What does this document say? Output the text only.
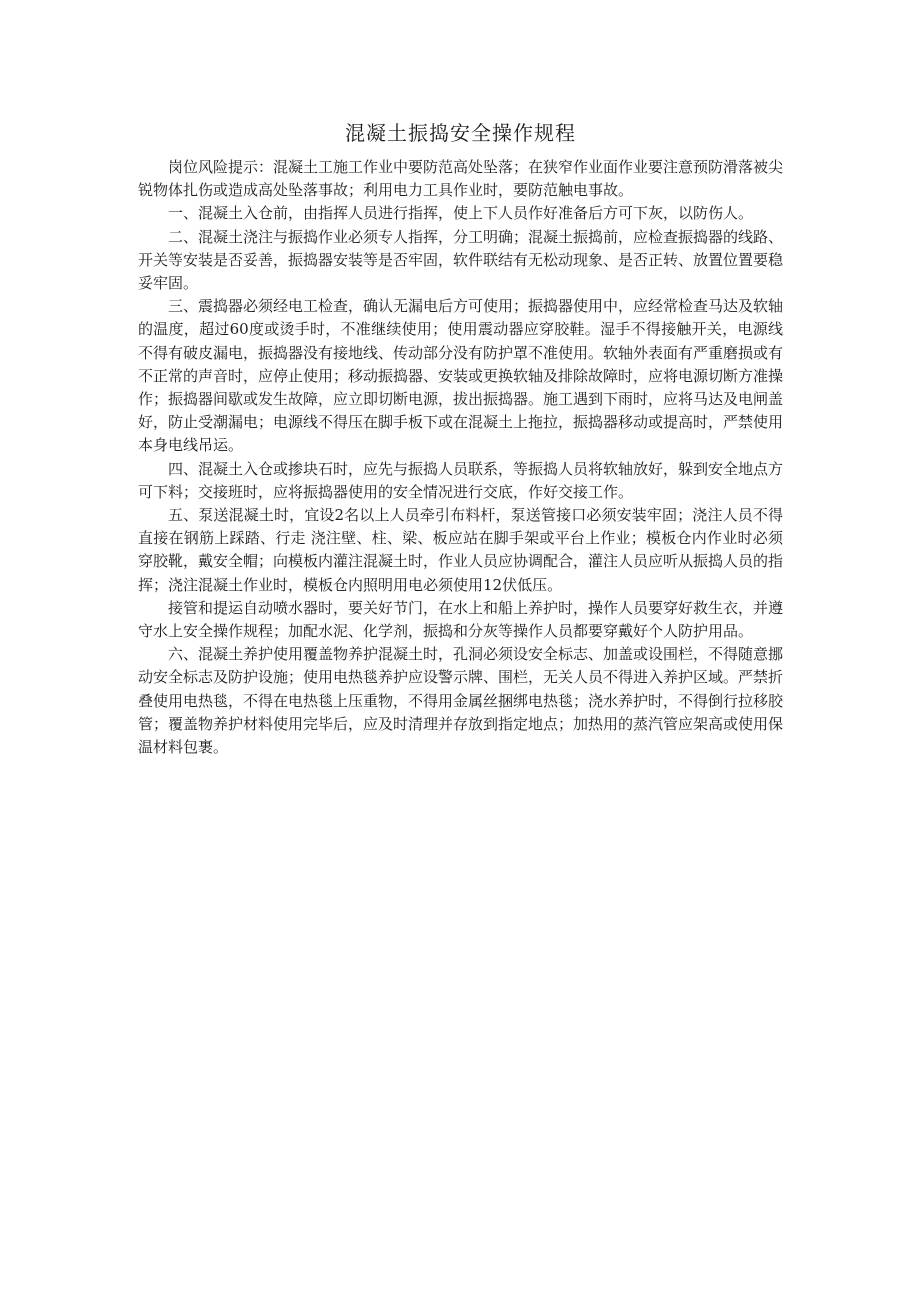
混凝土振捣安全操作规程

岗位风险提示：混凝土工施工作业中要防范高处坠落；在狭窄作业面作业要注意预防滑落被尖锐物体扎伤或造成高处坠落事故；利用电力工具作业时，要防范触电事故。

一、混凝土入仓前，由指挥人员进行指挥，使上下人员作好准备后方可下灰，以防伤人。

二、混凝土浇注与振捣作业必须专人指挥，分工明确；混凝土振捣前，应检查振捣器的线路、开关等安装是否妥善，振捣器安装等是否牢固，软件联结有无松动现象、是否正转、放置位置要稳妥牢固。

三、震捣器必须经电工检查，确认无漏电后方可使用；振捣器使用中，应经常检查马达及软轴的温度，超过60度或烫手时，不准继续使用；使用震动器应穿胶鞋。湿手不得接触开关，电源线不得有破皮漏电，振捣器没有接地线、传动部分没有防护罩不准使用。软轴外表面有严重磨损或有不正常的声音时，应停止使用；移动振捣器、安装或更换软轴及排除故障时，应将电源切断方准操作；振捣器间歇或发生故障，应立即切断电源，拔出振捣器。施工遇到下雨时，应将马达及电闸盖好，防止受潮漏电；电源线不得压在脚手板下或在混凝土上拖拉，振捣器移动或提高时，严禁使用本身电线吊运。

四、混凝土入仓或掺块石时，应先与振捣人员联系，等振捣人员将软轴放好，躲到安全地点方可下料；交接班时，应将振捣器使用的安全情况进行交底，作好交接工作。

五、泵送混凝土时，宜设2名以上人员牵引布料杆，泵送管接口必须安装牢固；浇注人员不得直接在钢筋上踩踏、行走 浇注壁、柱、梁、板应站在脚手架或平台上作业；模板仓内作业时必须穿胶靴，戴安全帽；向模板内灌注混凝土时，作业人员应协调配合，灌注人员应听从振捣人员的指挥；浇注混凝土作业时，模板仓内照明用电必须使用12伏低压。

接管和提运自动喷水器时，要关好节门，在水上和船上养护时，操作人员要穿好救生衣，并遵守水上安全操作规程；加配水泥、化学剂，振捣和分灰等操作人员都要穿戴好个人防护用品。

六、混凝土养护使用覆盖物养护混凝土时，孔洞必须设安全标志、加盖或设围栏，不得随意挪动安全标志及防护设施；使用电热毯养护应设警示牌、围栏，无关人员不得进入养护区域。严禁折叠使用电热毯，不得在电热毯上压重物，不得用金属丝捆绑电热毯；浇水养护时，不得倒行拉移胶管；覆盖物养护材料使用完毕后，应及时清理并存放到指定地点；加热用的蒸汽管应架高或使用保温材料包裹。
